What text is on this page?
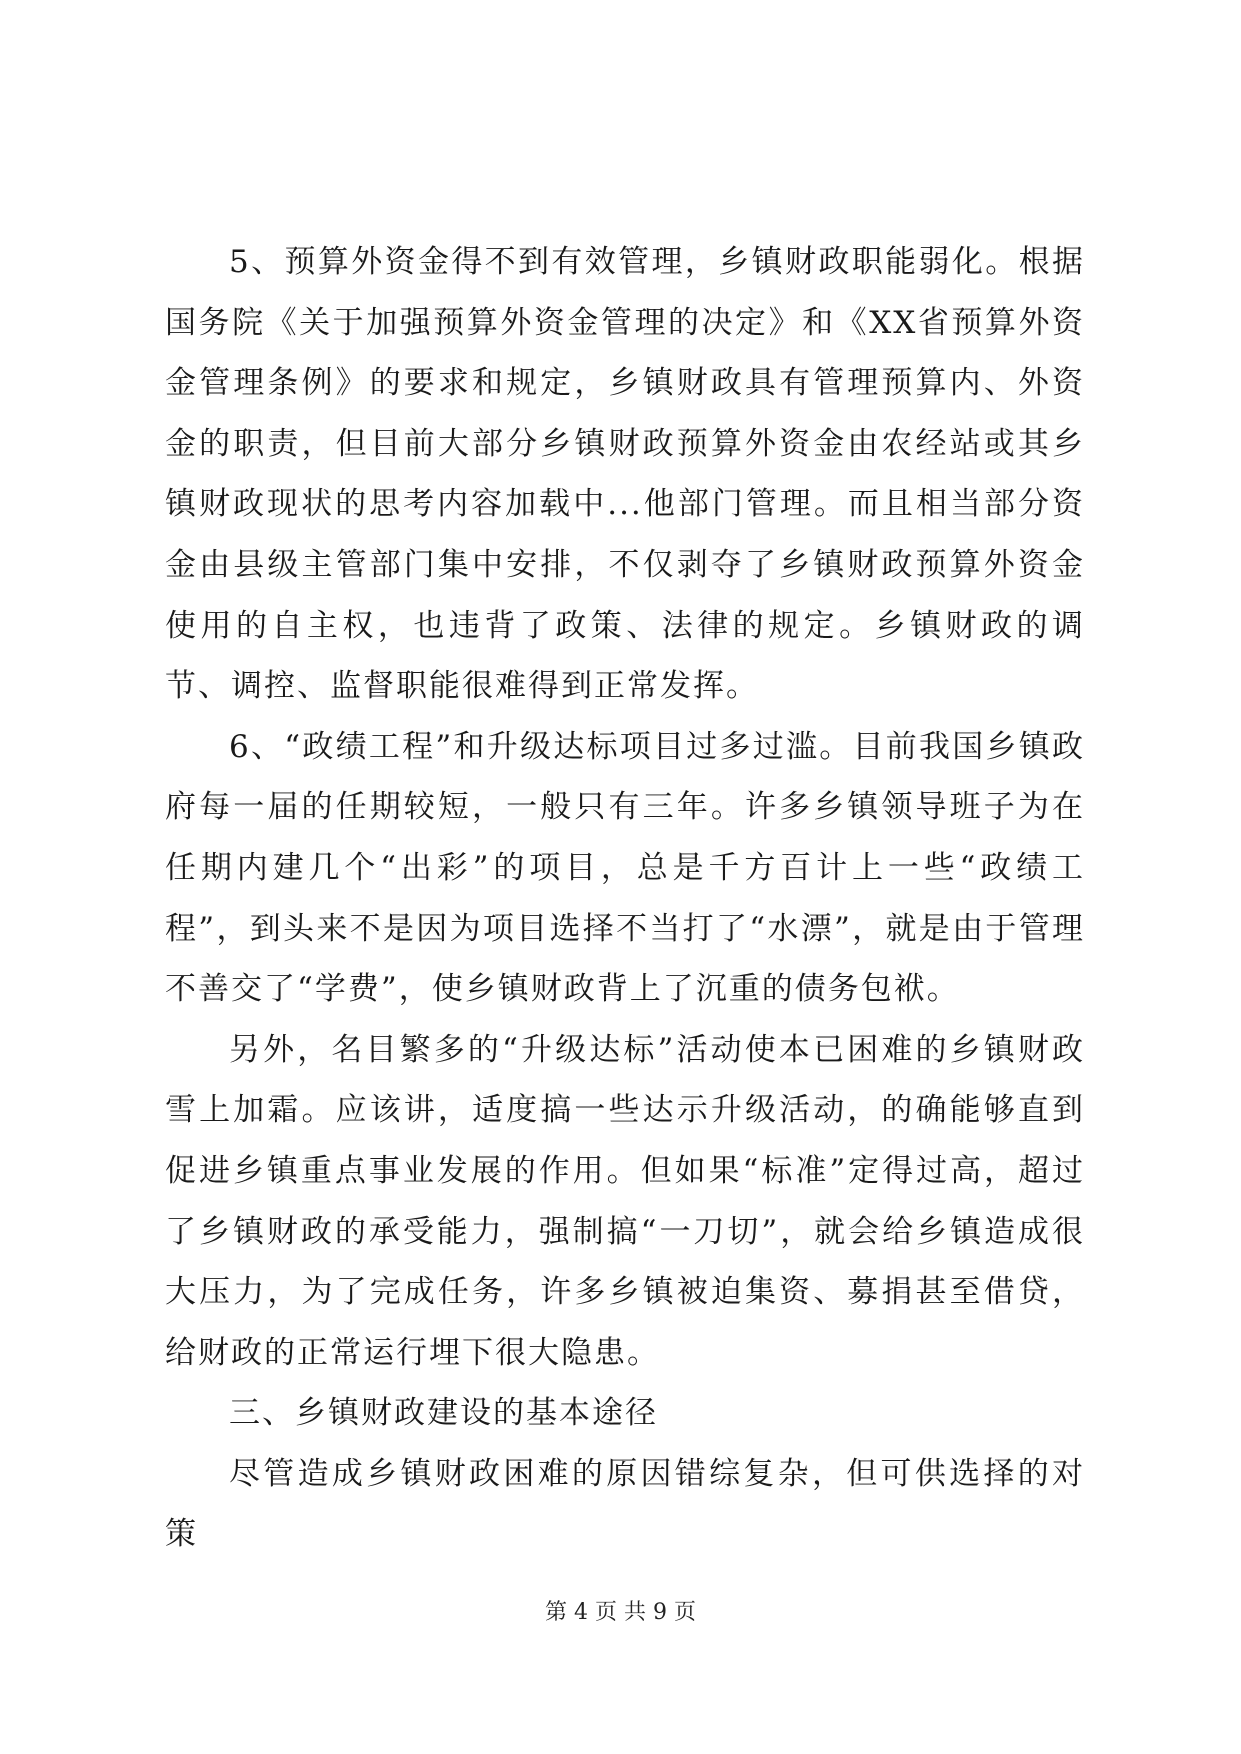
5、预算外资金得不到有效管理，乡镇财政职能弱化。根据国务院《关于加强预算外资金管理的决定》和《XX省预算外资金管理条例》的要求和规定，乡镇财政具有管理预算内、外资金的职责，但目前大部分乡镇财政预算外资金由农经站或其乡镇财政现状的思考内容加载中...他部门管理。而且相当部分资金由县级主管部门集中安排，不仅剥夺了乡镇财政预算外资金使用的自主权，也违背了政策、法律的规定。乡镇财政的调节、调控、监督职能很难得到正常发挥。

6、“政绩工程”和升级达标项目过多过滥。目前我国乡镇政府每一届的任期较短，一般只有三年。许多乡镇领导班子为在任期内建几个“出彩”的项目，总是千方百计上一些“政绩工程”，到头来不是因为项目选择不当打了“水漂”，就是由于管理不善交了“学费”，使乡镇财政背上了沉重的债务包袱。

另外，名目繁多的“升级达标”活动使本已困难的乡镇财政雪上加霜。应该讲，适度搞一些达示升级活动，的确能够直到促进乡镇重点事业发展的作用。但如果“标准”定得过高，超过了乡镇财政的承受能力，强制搞“一刀切”，就会给乡镇造成很大压力，为了完成任务，许多乡镇被迫集资、募捐甚至借贷，给财政的正常运行埋下很大隐患。

三、乡镇财政建设的基本途径

尽管造成乡镇财政困难的原因错综复杂，但可供选择的对策

第 4 页 共 9 页
